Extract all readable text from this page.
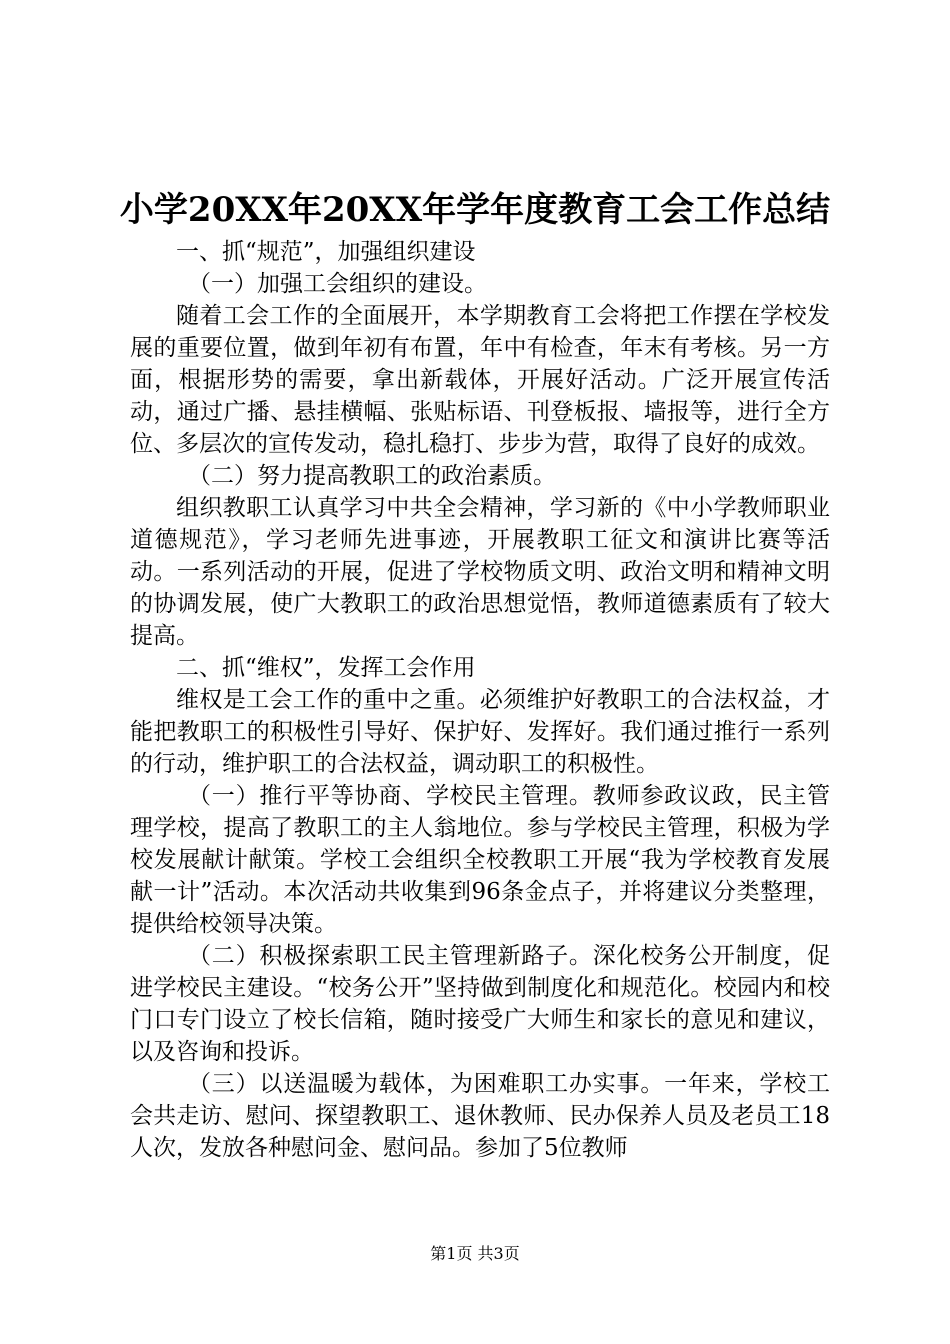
小学20XX年20XX年学年度教育工会工作总结

一、抓“规范”，加强组织建设

（一）加强工会组织的建设。

随着工会工作的全面展开，本学期教育工会将把工作摆在学校发展的重要位置，做到年初有布置，年中有检查，年末有考核。另一方面，根据形势的需要，拿出新载体，开展好活动。广泛开展宣传活动，通过广播、悬挂横幅、张贴标语、刊登板报、墙报等，进行全方位、多层次的宣传发动，稳扎稳打、步步为营，取得了良好的成效。

（二）努力提高教职工的政治素质。

组织教职工认真学习中共全会精神，学习新的《中小学教师职业道德规范》，学习老师先进事迹，开展教职工征文和演讲比赛等活动。一系列活动的开展，促进了学校物质文明、政治文明和精神文明的协调发展，使广大教职工的政治思想觉悟，教师道德素质有了较大提高。

二、抓“维权”，发挥工会作用

维权是工会工作的重中之重。必须维护好教职工的合法权益，才能把教职工的积极性引导好、保护好、发挥好。我们通过推行一系列的行动，维护职工的合法权益，调动职工的积极性。

（一）推行平等协商、学校民主管理。教师参政议政，民主管理学校，提高了教职工的主人翁地位。参与学校民主管理，积极为学校发展献计献策。学校工会组织全校教职工开展“我为学校教育发展献一计”活动。本次活动共收集到96条金点子，并将建议分类整理，提供给校领导决策。

（二）积极探索职工民主管理新路子。深化校务公开制度，促进学校民主建设。“校务公开”坚持做到制度化和规范化。校园内和校门口专门设立了校长信箱，随时接受广大师生和家长的意见和建议，以及咨询和投诉。

（三）以送温暖为载体，为困难职工办实事。一年来，学校工会共走访、慰问、探望教职工、退休教师、民办保养人员及老员工18人次，发放各种慰问金、慰问品。参加了5位教师

第1页 共3页
